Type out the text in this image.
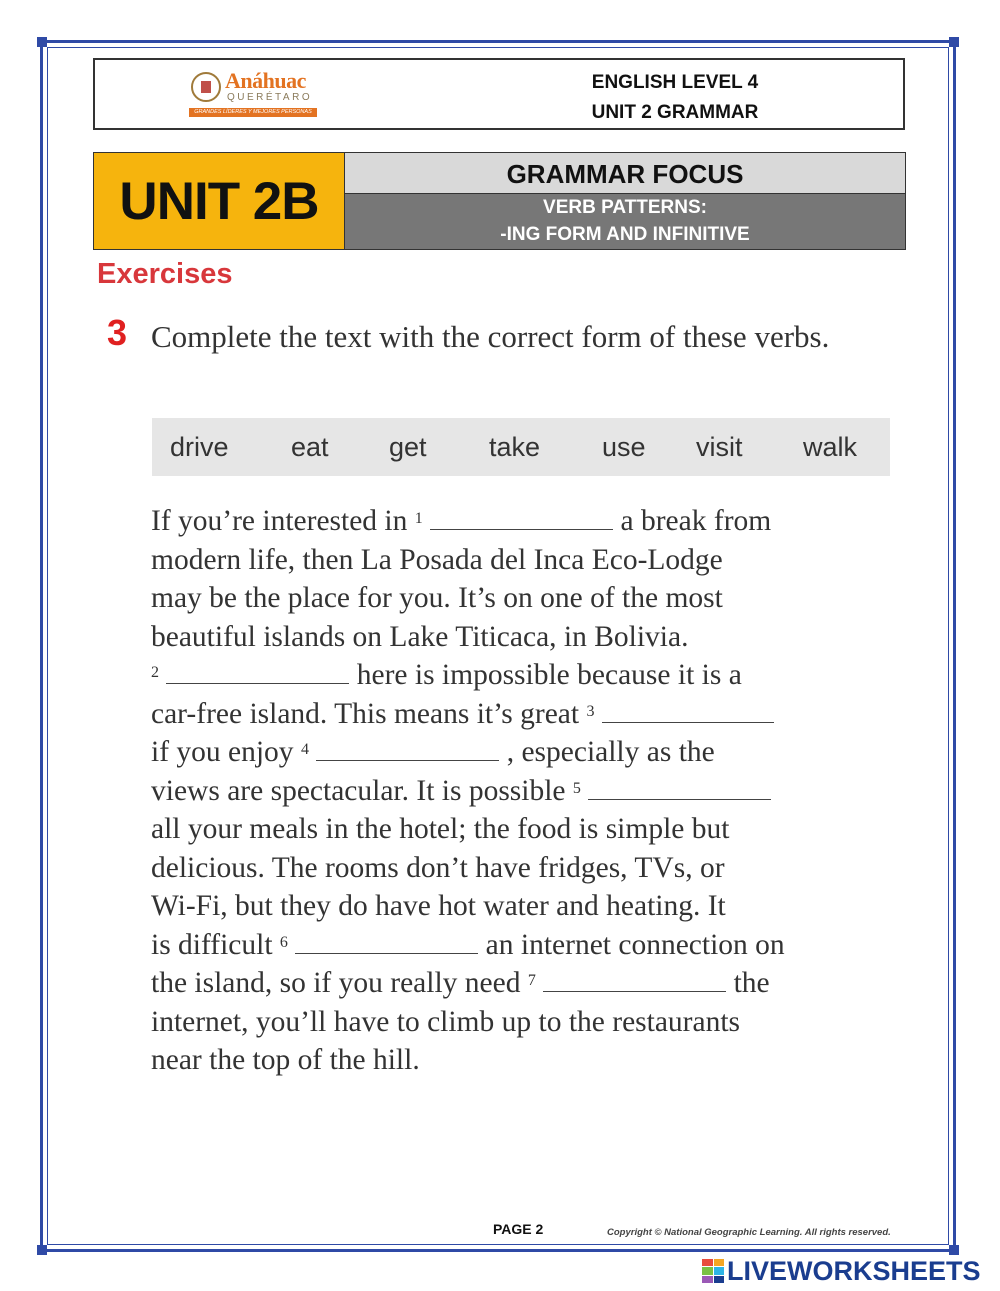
Anáhuac
QUERÉTARO
GRANDES LÍDERES Y MEJORES PERSONAS
ENGLISH LEVEL 4
UNIT 2 GRAMMAR
UNIT 2B	GRAMMAR FOCUS
VERB PATTERNS:
-ING FORM AND INFINITIVE
Exercises
3 Complete the text with the correct form of these verbs.
drive eat get take use visit walk
If you’re interested in $^1$	a break from
modern life, then La Posada del Inca Eco-Lodge
may be the place for you. It’s on one of the most
beautiful islands on Lake Titicaca, in Bolivia.
$^2$	here is impossible because it is a
car-free island. This means it’s great $^3$
if you enjoy $^4$	, especially as the
views are spectacular. It is possible $^5$
all your meals in the hotel; the food is simple but
delicious. The rooms don’t have fridges, TVs, or
Wi-Fi, but they do have hot water and heating. It
is difficult $^6$	an internet connection on
the island, so if you really need $^7$	the
internet, you’ll have to climb up to the restaurants
near the top of the hill.
PAGE 2	Copyright © National Geographic Learning. All rights reserved.
LIVEWORKSHEETS
